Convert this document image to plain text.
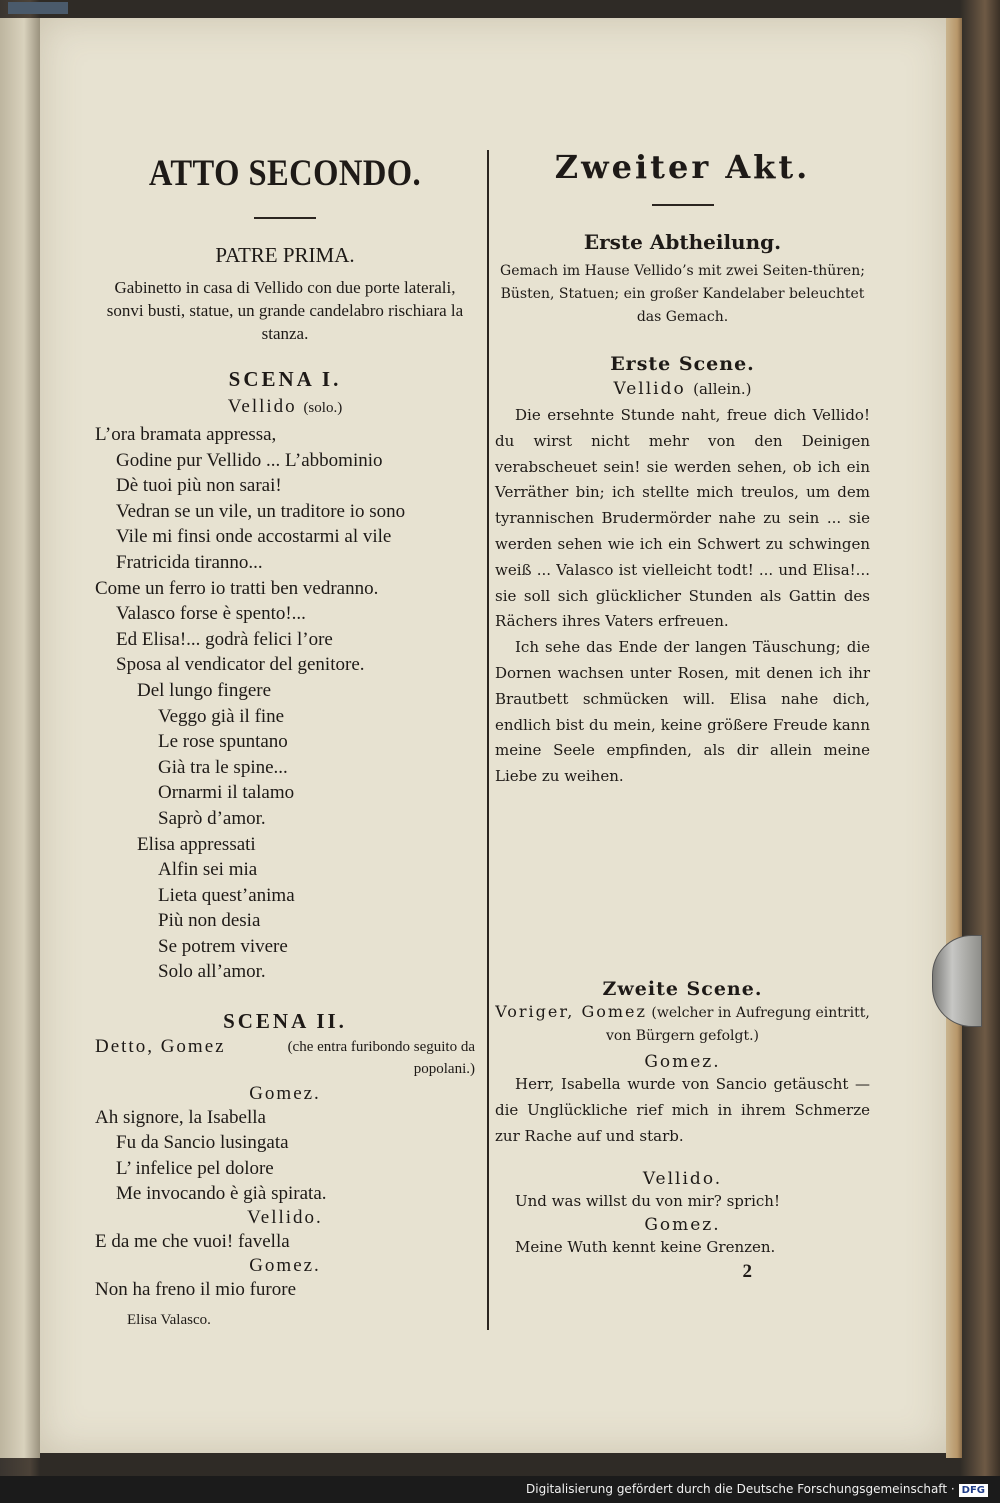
ATTO SECONDO.
PATRE PRIMA.
Gabinetto in casa di Vellido con due porte laterali, sonvi busti, statue, un grande candelabro rischiara la stanza.
SCENA I.
Vellido (solo.)
L’ora bramata appressa,
Godine pur Vellido ... L’abbominio
Dè tuoi più non sarai!
Vedran se un vile, un traditore io sono
Vile mi finsi onde accostarmi al vile
Fratricida tiranno...
Come un ferro io tratti ben vedranno.
Valasco forse è spento!...
Ed Elisa!... godrà felici l’ore
Sposa al vendicator del genitore.
Del lungo fingere
Veggo già il fine
Le rose spuntano
Già tra le spine...
Ornarmi il talamo
Saprò d’amor.
Elisa appressati
Alfin sei mia
Lieta quest’anima
Più non desia
Se potrem vivere
Solo all’amor.
SCENA II.
Detto, Gomez	(che entra furibondo seguito da popolani.)
Gomez.
Ah signore, la Isabella
Fu da Sancio lusingata
L’ infelice pel dolore
Me invocando è già spirata.
Vellido.
E da me che vuoi! favella
Gomez.
Non ha freno il mio furore
Elisa Valasco.
Zweiter Akt.
Erste Abtheilung.
Gemach im Hause Vellido’s mit zwei Seiten-thüren; Büsten, Statuen; ein großer Kandelaber beleuchtet das Gemach.
Erste Scene.
Vellido (allein.)

Die ersehnte Stunde naht, freue dich Vellido! du wirst nicht mehr von den Deinigen verabscheuet sein! sie werden sehen, ob ich ein Verräther bin; ich stellte mich treulos, um dem tyrannischen Brudermörder nahe zu sein ... sie werden sehen wie ich ein Schwert zu schwingen weiß ... Valasco ist vielleicht todt! ... und Elisa!... sie soll sich glücklicher Stunden als Gattin des Rächers ihres Vaters erfreuen.

Ich sehe das Ende der langen Täuschung; die Dornen wachsen unter Rosen, mit denen ich ihr Brautbett schmücken will. Elisa nahe dich, endlich bist du mein, keine größere Freude kann meine Seele empfinden, als dir allein meine Liebe zu weihen.

Zweite Scene.
Voriger, Gomez (welcher in Aufregung eintritt, von Bürgern gefolgt.)
Gomez.

Herr, Isabella wurde von Sancio getäuscht — die Unglückliche rief mich in ihrem Schmerze zur Rache auf und starb.

Vellido.
Und was willst du von mir? sprich!
Gomez.
Meine Wuth kennt keine Grenzen.
2
Digitalisierung gefördert durch die Deutsche Forschungsgemeinschaft · DFG
